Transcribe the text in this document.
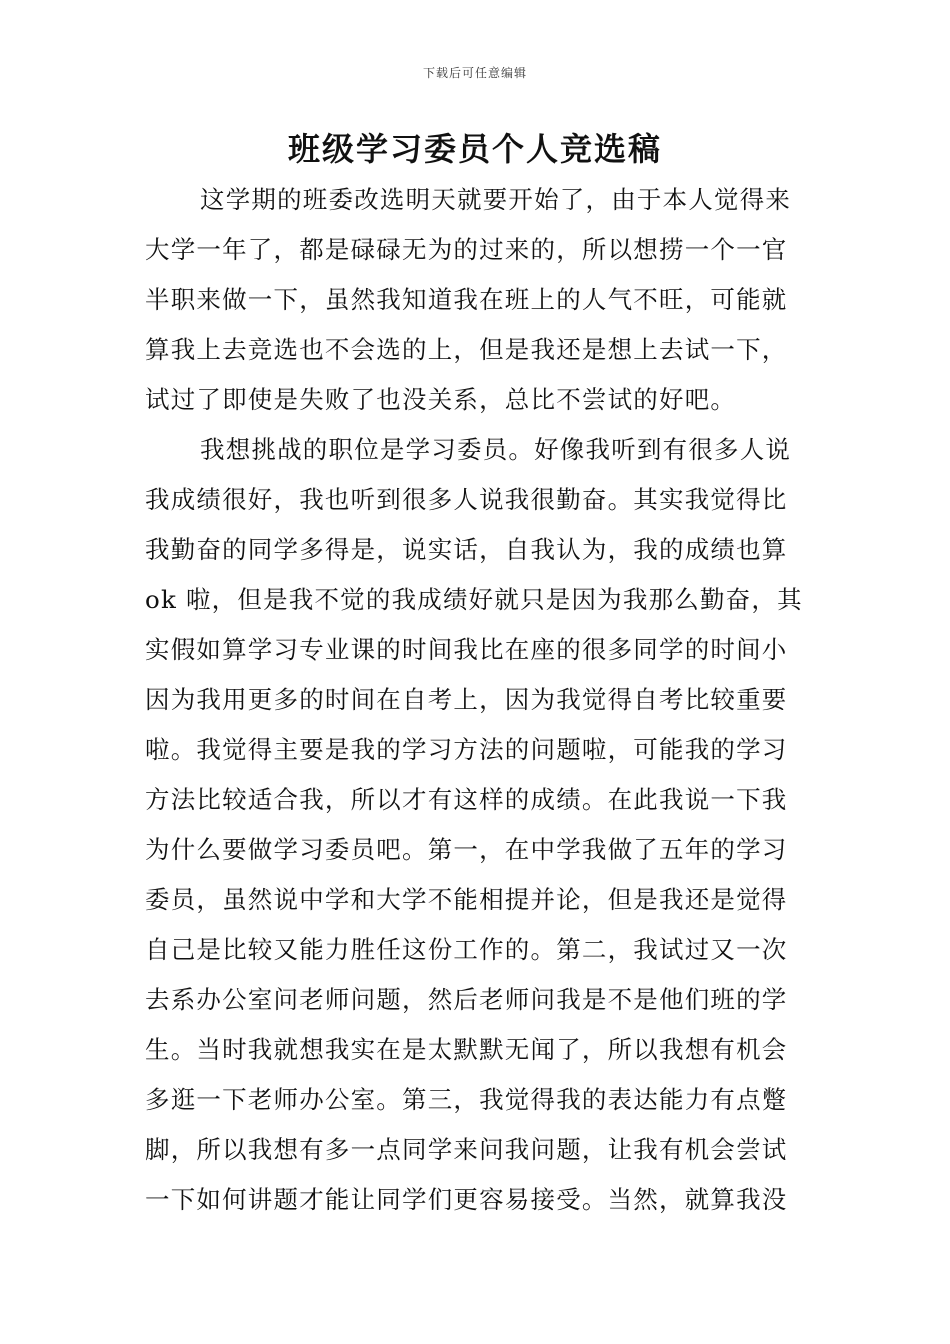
下载后可任意编辑
班级学习委员个人竞选稿
这学期的班委改选明天就要开始了，由于本人觉得来
大学一年了，都是碌碌无为的过来的，所以想捞一个一官
半职来做一下，虽然我知道我在班上的人气不旺，可能就
算我上去竞选也不会选的上，但是我还是想上去试一下，
试过了即使是失败了也没关系，总比不尝试的好吧。
我想挑战的职位是学习委员。好像我听到有很多人说
我成绩很好，我也听到很多人说我很勤奋。其实我觉得比
我勤奋的同学多得是，说实话，自我认为，我的成绩也算
ok 啦，但是我不觉的我成绩好就只是因为我那么勤奋，其
实假如算学习专业课的时间我比在座的很多同学的时间小
因为我用更多的时间在自考上，因为我觉得自考比较重要
啦。我觉得主要是我的学习方法的问题啦，可能我的学习
方法比较适合我，所以才有这样的成绩。在此我说一下我
为什么要做学习委员吧。第一，在中学我做了五年的学习
委员，虽然说中学和大学不能相提并论，但是我还是觉得
自己是比较又能力胜任这份工作的。第二，我试过又一次
去系办公室问老师问题，然后老师问我是不是他们班的学
生。当时我就想我实在是太默默无闻了，所以我想有机会
多逛一下老师办公室。第三，我觉得我的表达能力有点蹩
脚，所以我想有多一点同学来问我问题，让我有机会尝试
一下如何讲题才能让同学们更容易接受。当然，就算我没
